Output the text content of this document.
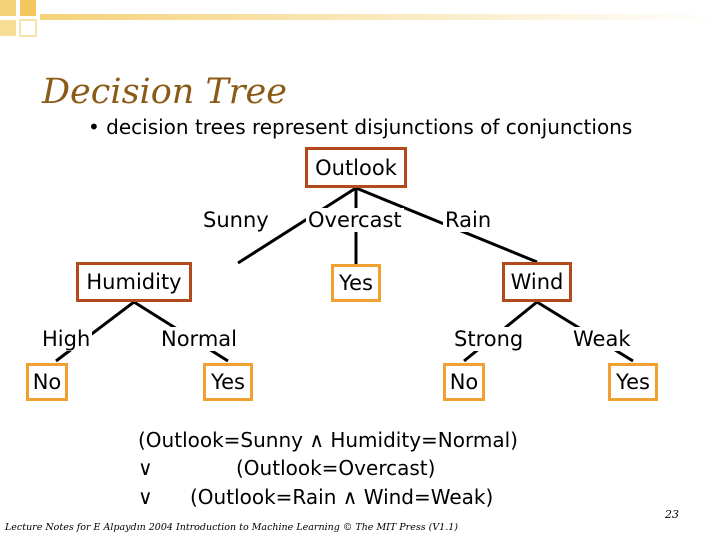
Decision Tree
• decision trees represent disjunctions of conjunctions
Outlook
Sunny Overcast Rain
Humidity	Yes	Wind
High	Normal	Strong Weak
No	Yes	No	Yes
(Outlook=Sunny ∧ Humidity=Normal)
∨	(Outlook=Overcast)
∨ (Outlook=Rain ∧ Wind=Weak)
Lecture Notes for E Alpaydın 2004 Introduction to Machine Learning © The MIT Press (V1.1)
23
